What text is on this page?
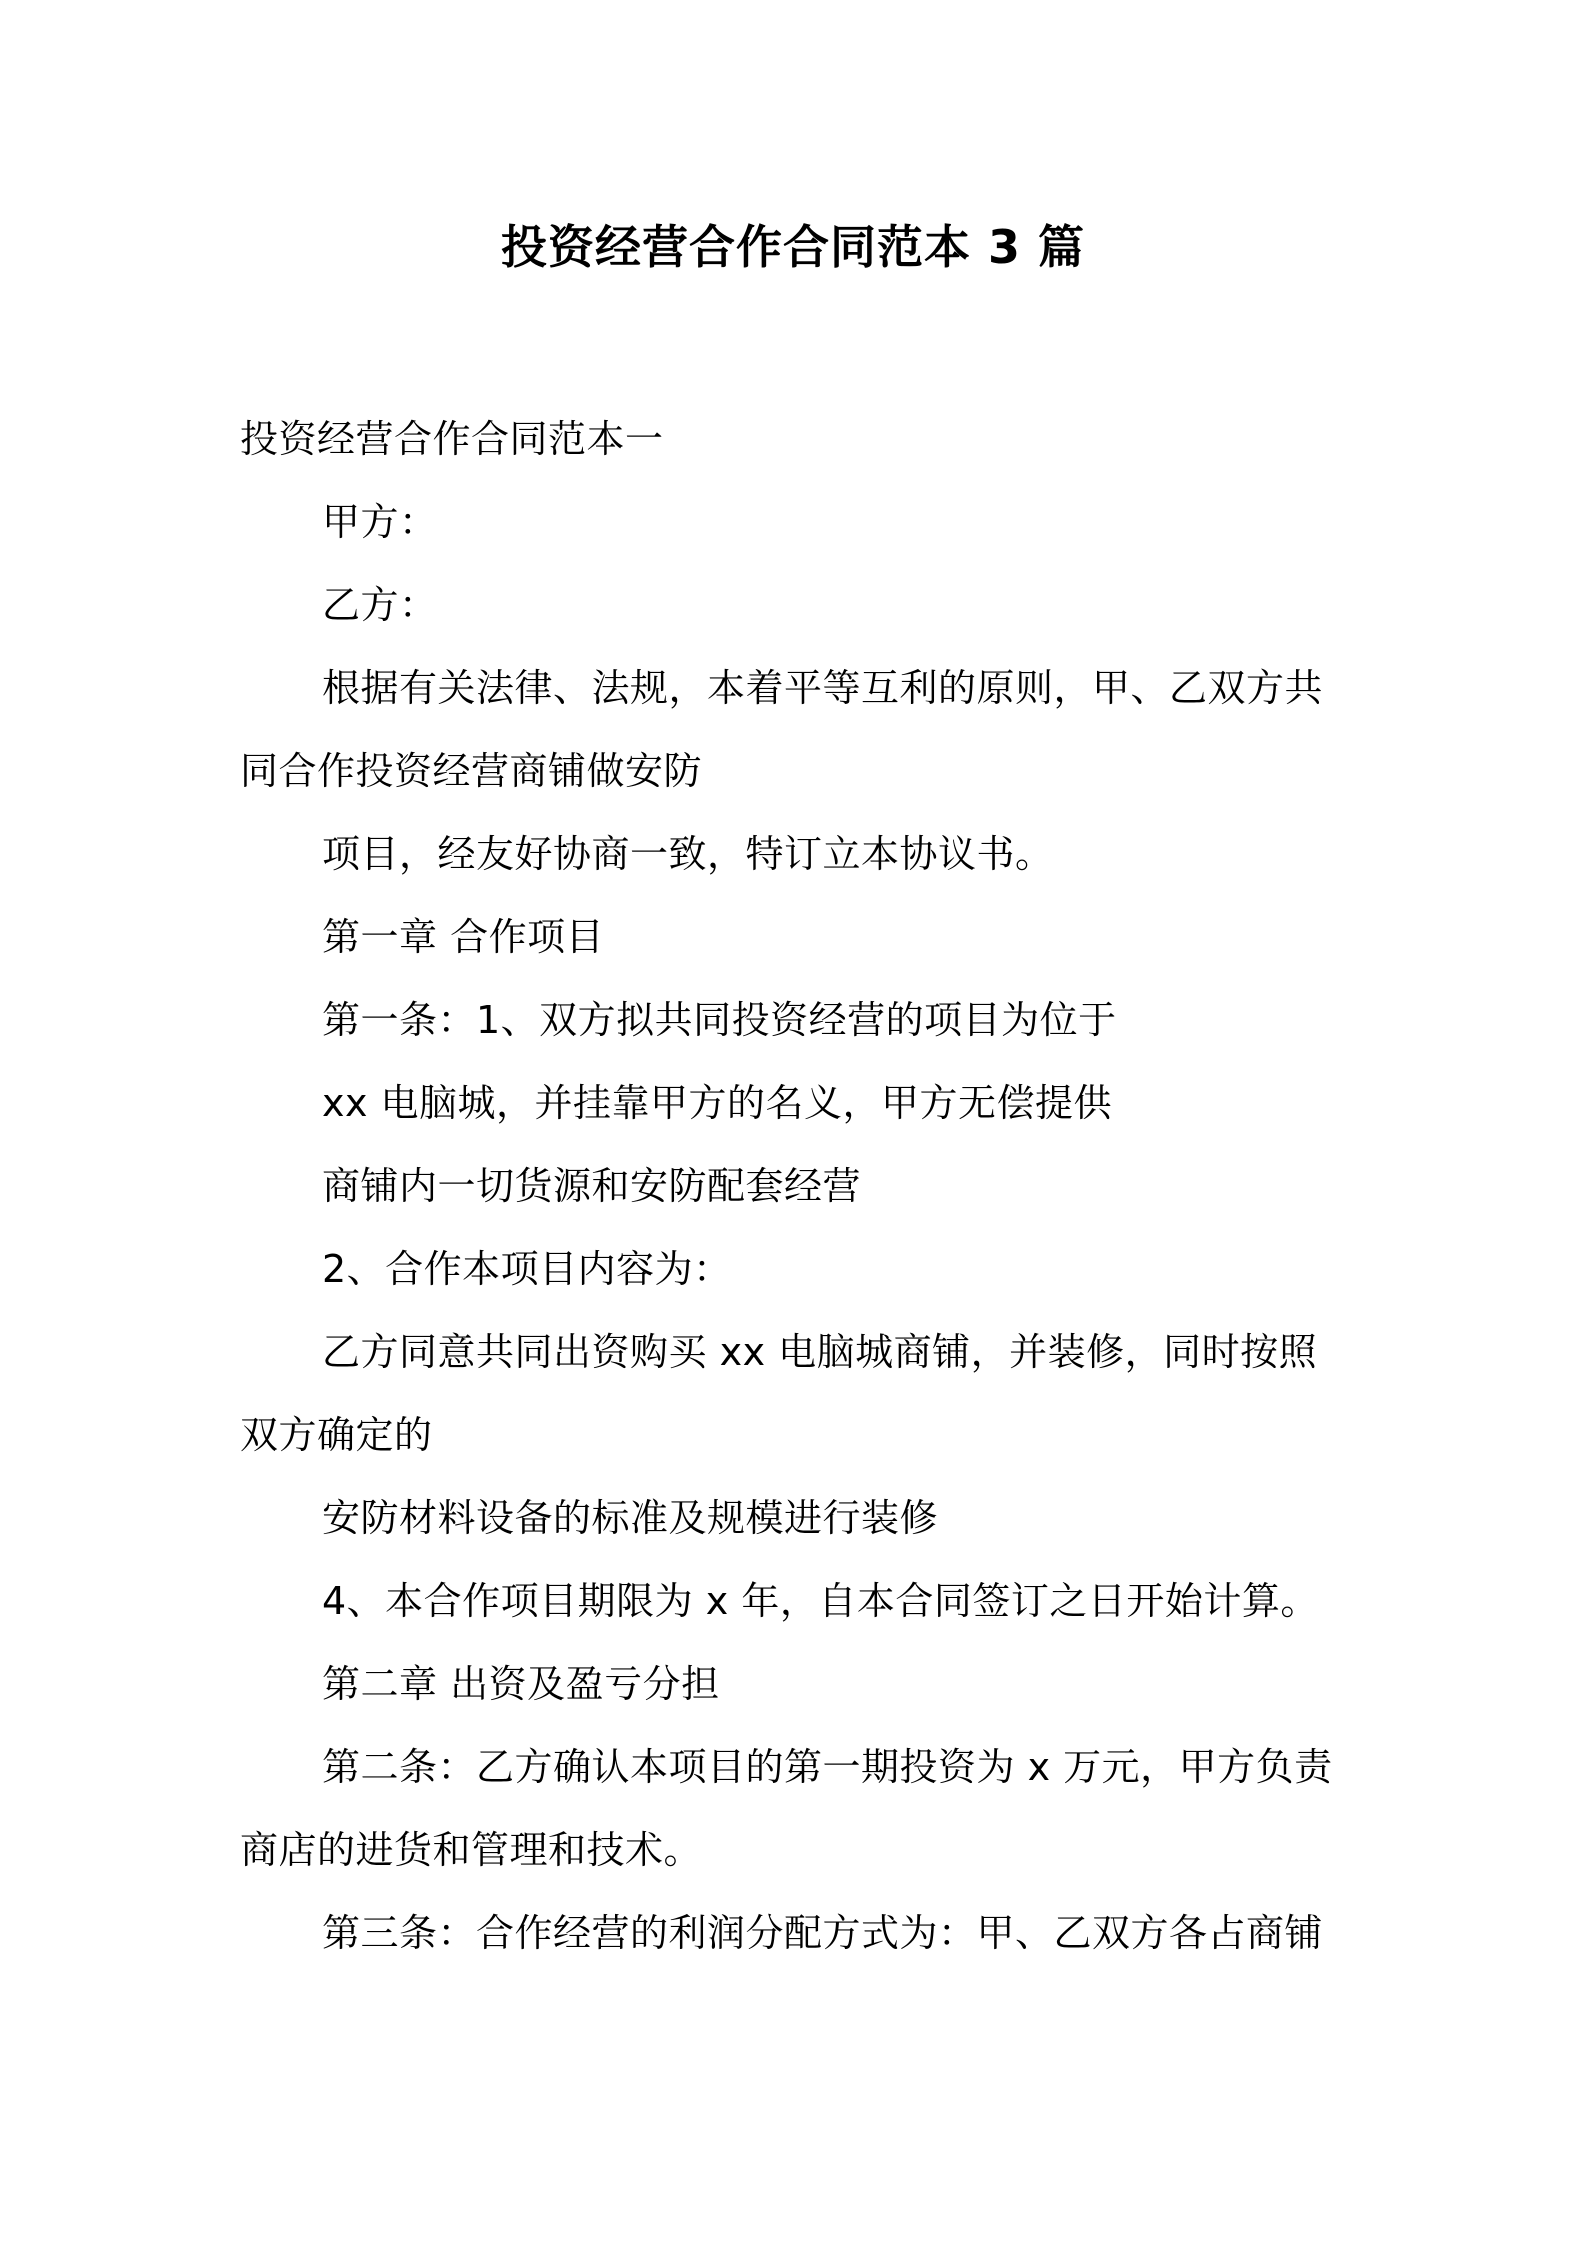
投资经营合作合同范本 3 篇
投资经营合作合同范本一
甲方：
乙方：
根据有关法律、法规，本着平等互利的原则，甲、乙双方共
同合作投资经营商铺做安防
项目，经友好协商一致，特订立本协议书。
第一章 合作项目
第一条：1、双方拟共同投资经营的项目为位于
xx 电脑城，并挂靠甲方的名义，甲方无偿提供
商铺内一切货源和安防配套经营
2、合作本项目内容为：
乙方同意共同出资购买 xx 电脑城商铺，并装修，同时按照
双方确定的
安防材料设备的标准及规模进行装修
4、本合作项目期限为 x 年，自本合同签订之日开始计算。
第二章 出资及盈亏分担
第二条：乙方确认本项目的第一期投资为 x 万元，甲方负责
商店的进货和管理和技术。
第三条：合作经营的利润分配方式为：甲、乙双方各占商铺
